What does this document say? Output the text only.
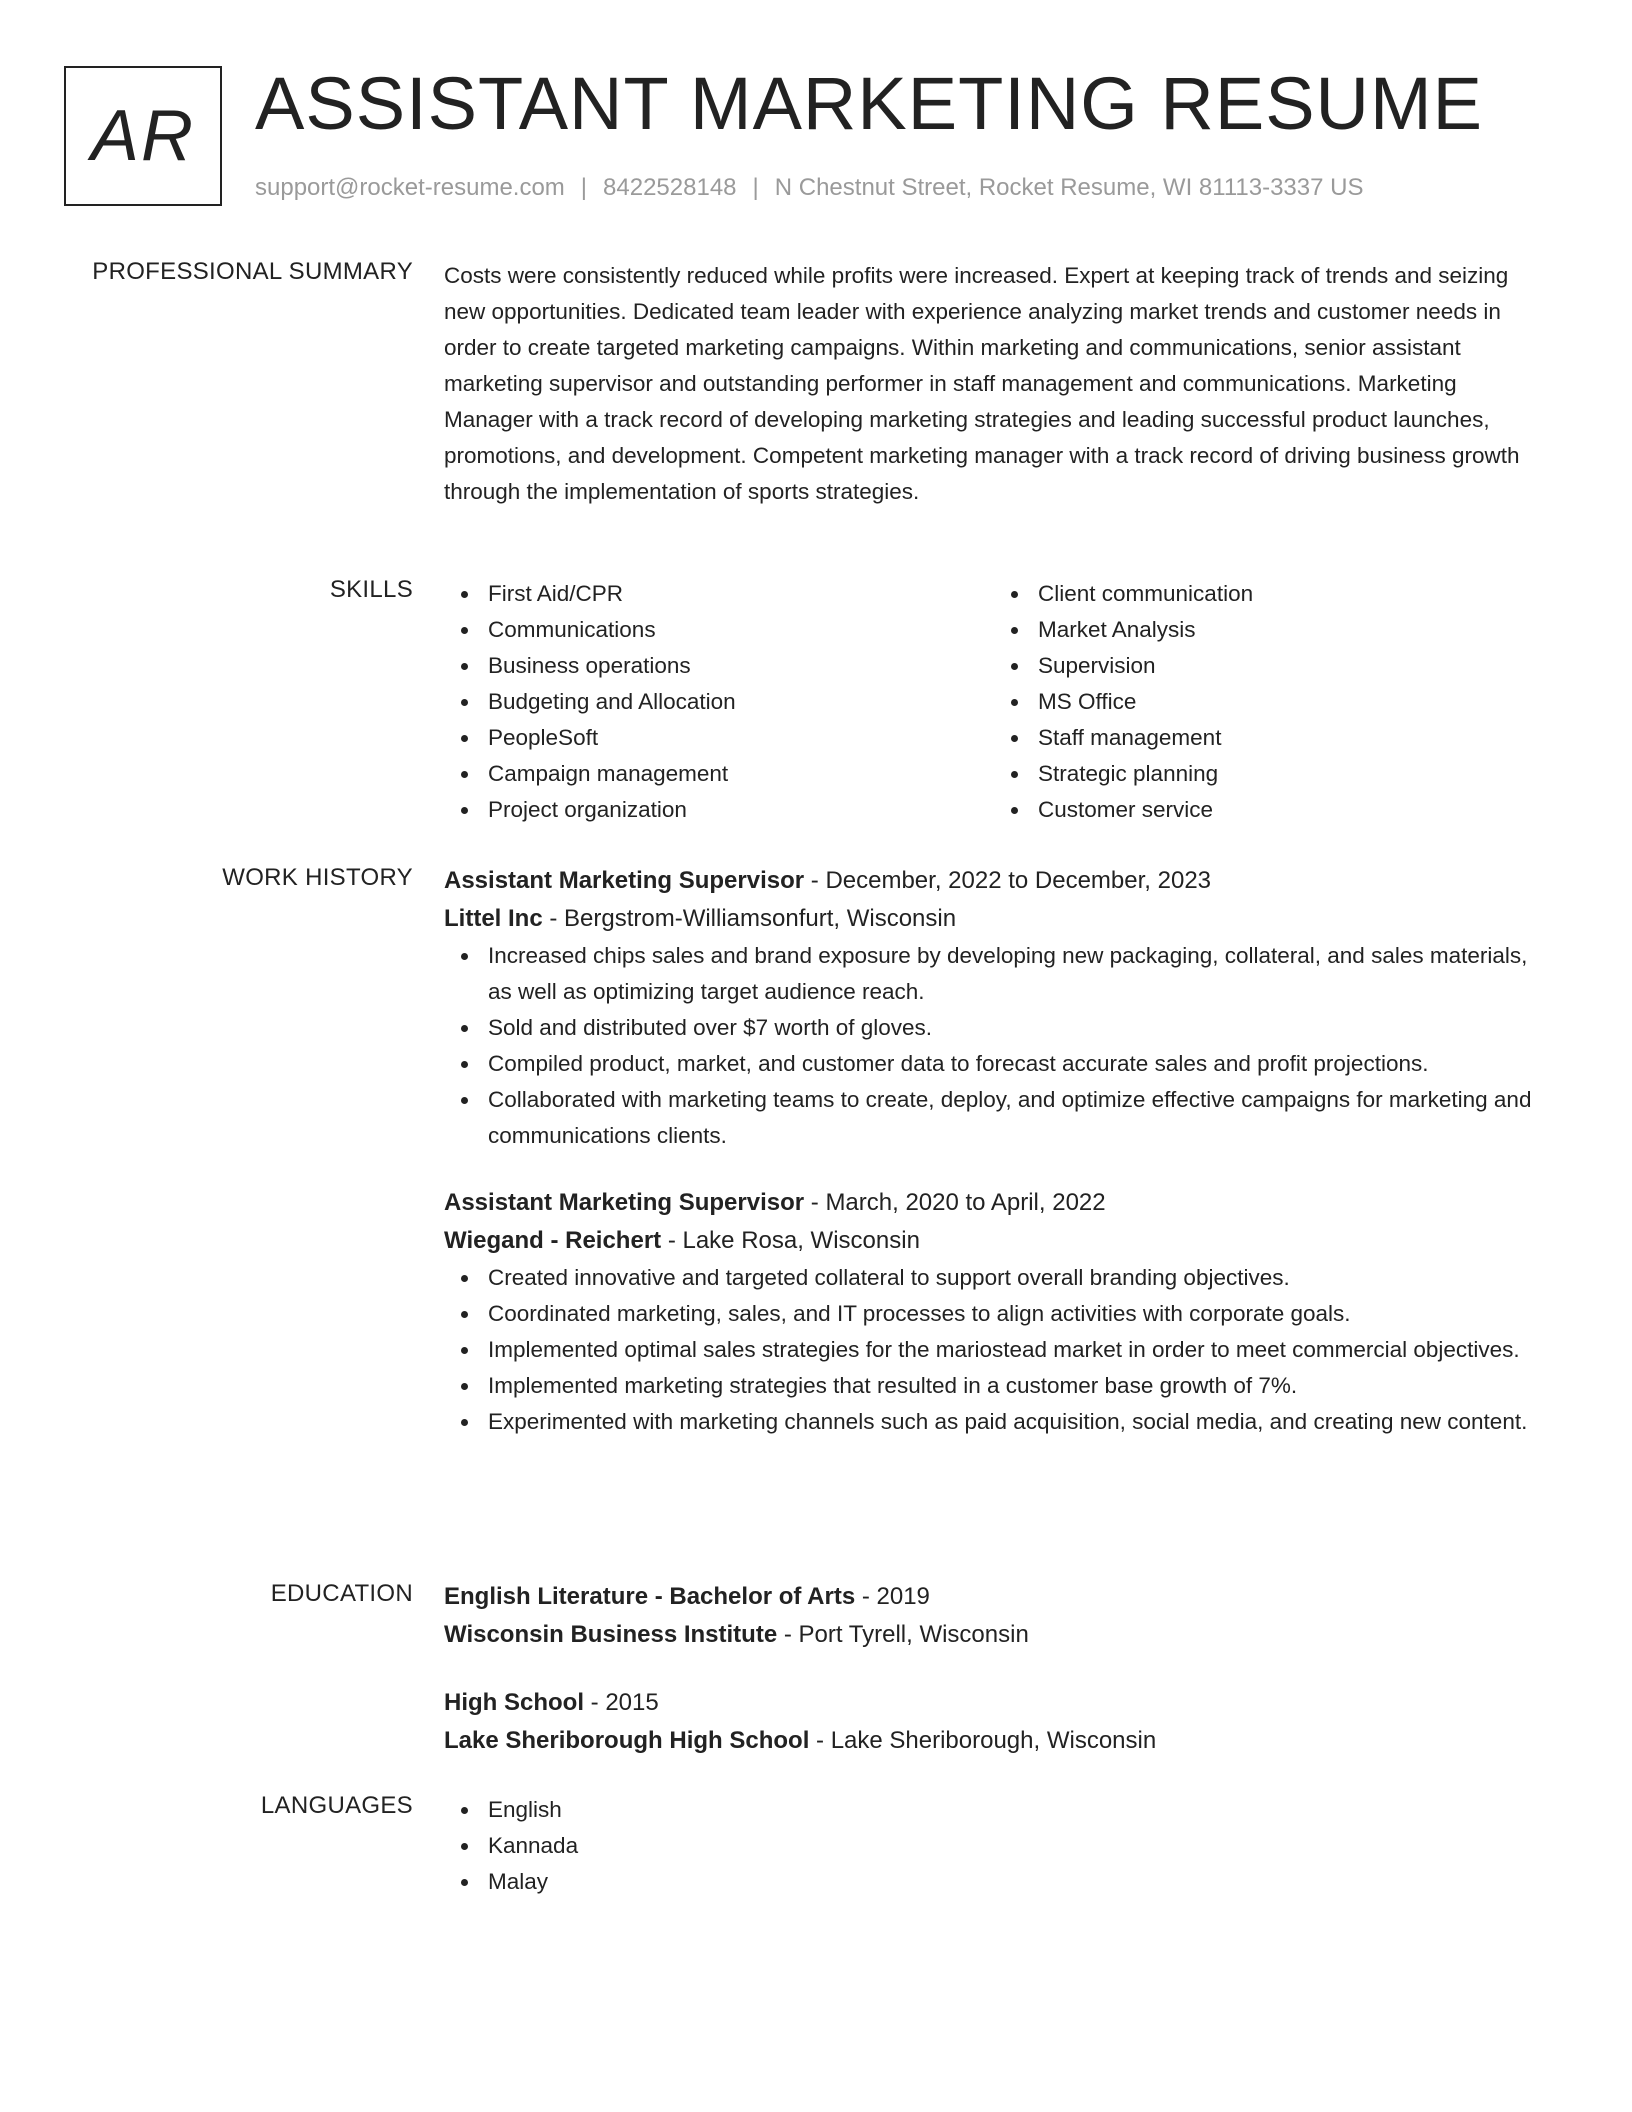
AR ASSISTANT MARKETING RESUME
support@rocket-resume.com | 8422528148 | N Chestnut Street, Rocket Resume, WI 81113-3337 US
PROFESSIONAL SUMMARY Costs were consistently reduced while profits were increased. Expert at keeping track of trends and seizing new opportunities. Dedicated team leader with experience analyzing market trends and customer needs in order to create targeted marketing campaigns. Within marketing and communications, senior assistant marketing supervisor and outstanding performer in staff management and communications. Marketing Manager with a track record of developing marketing strategies and leading successful product launches, promotions, and development. Competent marketing manager with a track record of driving business growth through the implementation of sports strategies.

SKILLS	First Aid/CPR
Communications
Business operations
Budgeting and Allocation
PeopleSoft
Campaign management
Project organization
Client communication
Market Analysis
Supervision
MS Office
Staff management
Strategic planning
Customer service
WORK HISTORY Assistant Marketing Supervisor - December, 2022 to December, 2023
Littel Inc - Bergstrom-Williamsonfurt, Wisconsin
Increased chips sales and brand exposure by developing new packaging, collateral, and sales materials, as well as optimizing target audience reach.
Sold and distributed over $7 worth of gloves.
Compiled product, market, and customer data to forecast accurate sales and profit projections.
Collaborated with marketing teams to create, deploy, and optimize effective campaigns for marketing and communications clients.
Assistant Marketing Supervisor - March, 2020 to April, 2022
Wiegand - Reichert - Lake Rosa, Wisconsin
Created innovative and targeted collateral to support overall branding objectives.
Coordinated marketing, sales, and IT processes to align activities with corporate goals.
Implemented optimal sales strategies for the mariostead market in order to meet commercial objectives.
Implemented marketing strategies that resulted in a customer base growth of 7%.
Experimented with marketing channels such as paid acquisition, social media, and creating new content.
EDUCATION English Literature - Bachelor of Arts - 2019
Wisconsin Business Institute - Port Tyrell, Wisconsin
High School - 2015
Lake Sheriborough High School - Lake Sheriborough, Wisconsin
LANGUAGES	English
Kannada
Malay
